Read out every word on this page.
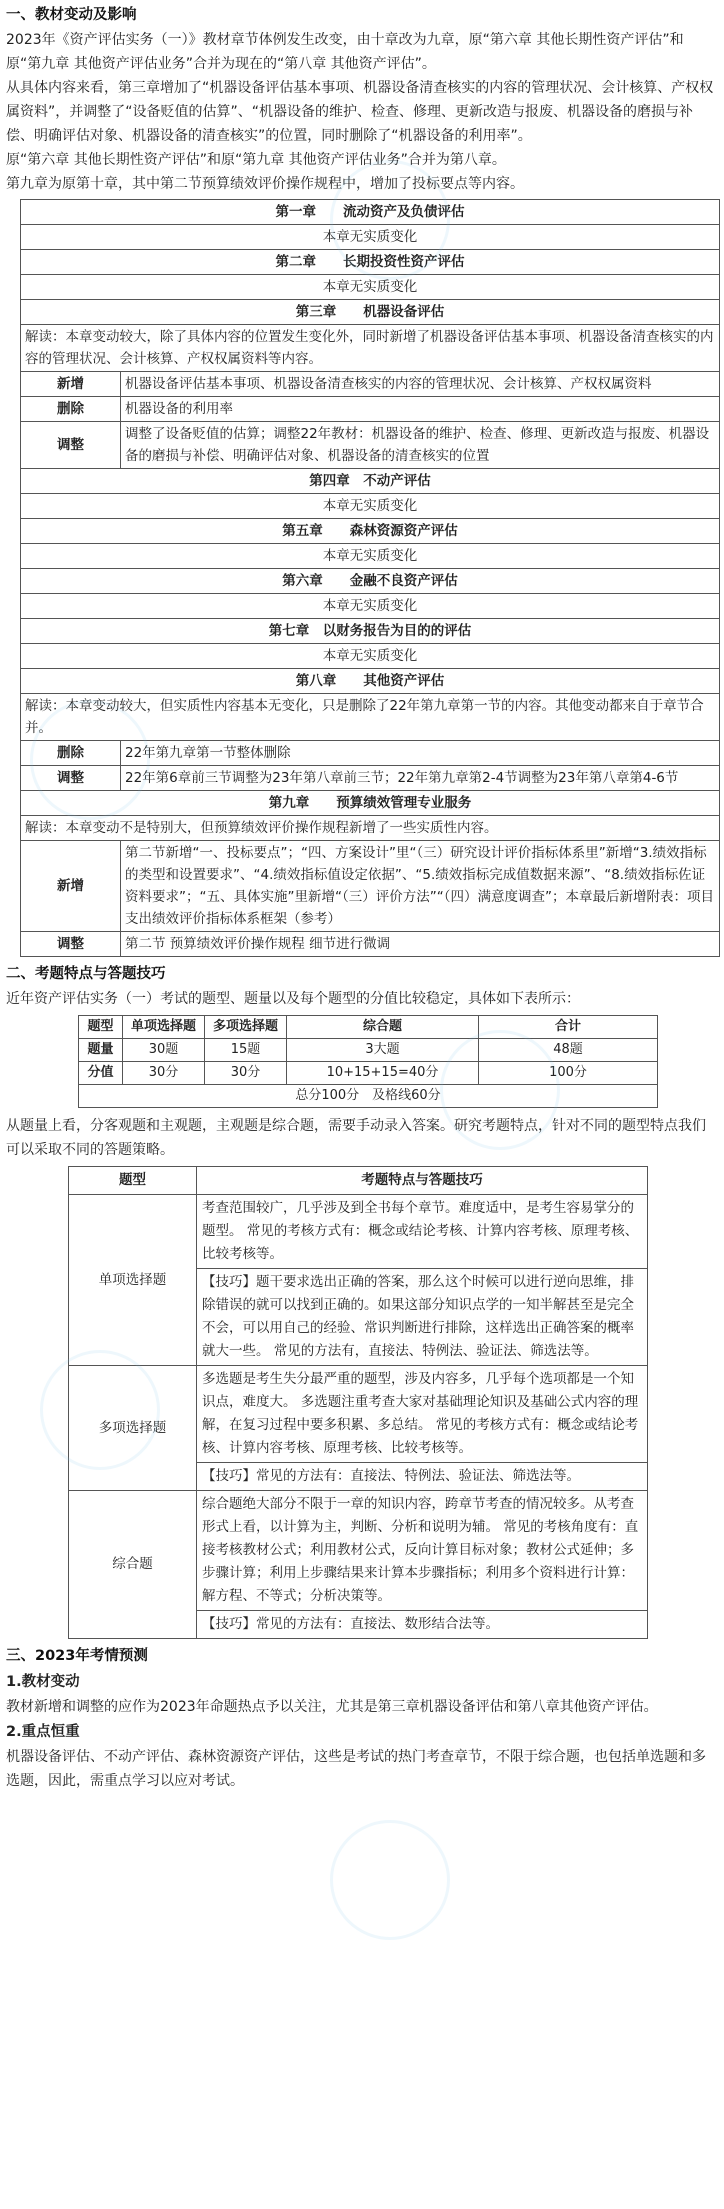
一、教材变动及影响

2023年《资产评估实务（一）》教材章节体例发生改变，由十章改为九章，原“第六章 其他长期性资产评估”和原“第九章 其他资产评估业务”合并为现在的“第八章 其他资产评估”。

从具体内容来看，第三章增加了“机器设备评估基本事项、机器设备清查核实的内容的管理状况、会计核算、产权权属资料”，并调整了“设备贬值的估算”、“机器设备的维护、检查、修理、更新改造与报废、机器设备的磨损与补偿、明确评估对象、机器设备的清查核实”的位置，同时删除了“机器设备的利用率”。

原“第六章 其他长期性资产评估”和原“第九章 其他资产评估业务”合并为第八章。

第九章为原第十章，其中第二节预算绩效评价操作规程中，增加了投标要点等内容。

第一章　　流动资产及负债评估	
本章无实质变化	
第二章　　长期投资性资产评估	
本章无实质变化	
第三章　　机器设备评估	
解读：本章变动较大，除了具体内容的位置发生变化外，同时新增了机器设备评估基本事项、机器设备清查核实的内容的管理状况、会计核算、产权权属资料等内容。	
新增	机器设备评估基本事项、机器设备清查核实的内容的管理状况、会计核算、产权权属资料
删除	机器设备的利用率
调整	调整了设备贬值的估算；调整22年教材：机器设备的维护、检查、修理、更新改造与报废、机器设备的磨损与补偿、明确评估对象、机器设备的清查核实的位置
第四章　不动产评估	
本章无实质变化	
第五章　　森林资源资产评估	
本章无实质变化	
第六章　　金融不良资产评估	
本章无实质变化	
第七章　以财务报告为目的的评估	
本章无实质变化	
第八章　　其他资产评估	
解读：本章变动较大，但实质性内容基本无变化，只是删除了22年第九章第一节的内容。其他变动都来自于章节合并。	
删除	22年第九章第一节整体删除
调整	22年第6章前三节调整为23年第八章前三节；22年第九章第2-4节调整为23年第八章第4-6节
第九章　　预算绩效管理专业服务	
解读：本章变动不是特别大，但预算绩效评价操作规程新增了一些实质性内容。	
新增	第二节新增“一、投标要点”；“四、方案设计”里“（三）研究设计评价指标体系里”新增“3.绩效指标的类型和设置要求”、“4.绩效指标值设定依据”、“5.绩效指标完成值数据来源”、“8.绩效指标佐证资料要求”；“五、具体实施”里新增“（三）评价方法”“（四）满意度调查”；本章最后新增附表：项目支出绩效评价指标体系框架（参考）
调整	第二节 预算绩效评价操作规程 细节进行微调
二、考题特点与答题技巧

近年资产评估实务（一）考试的题型、题量以及每个题型的分值比较稳定，具体如下表所示：

题型	单项选择题	多项选择题	综合题	合计
题量	30题	15题	3大题	48题
分值	30分	30分	10+15+15=40分	100分
总分100分　及格线60分				

从题量上看，分客观题和主观题，主观题是综合题，需要手动录入答案。研究考题特点，针对不同的题型特点我们可以采取不同的答题策略。

题型	考题特点与答题技巧
单项选择题	考查范围较广，几乎涉及到全书每个章节。难度适中，是考生容易掌分的题型。 常见的考核方式有：概念或结论考核、计算内容考核、原理考核、比较考核等。
	【技巧】题干要求选出正确的答案，那么这个时候可以进行逆向思维，排除错误的就可以找到正确的。如果这部分知识点学的一知半解甚至是完全不会，可以用自己的经验、常识判断进行排除，这样选出正确答案的概率就大一些。 常见的方法有，直接法、特例法、验证法、筛选法等。
多项选择题	多选题是考生失分最严重的题型，涉及内容多，几乎每个选项都是一个知识点，难度大。 多选题注重考查大家对基础理论知识及基础公式内容的理解，在复习过程中要多积累、多总结。 常见的考核方式有：概念或结论考核、计算内容考核、原理考核、比较考核等。
	【技巧】常见的方法有：直接法、特例法、验证法、筛选法等。
综合题	综合题绝大部分不限于一章的知识内容，跨章节考查的情况较多。从考查形式上看，以计算为主，判断、分析和说明为辅。 常见的考核角度有：直接考核教材公式；利用教材公式，反向计算目标对象；教材公式延伸；多步骤计算；利用上步骤结果来计算本步骤指标；利用多个资料进行计算：解方程、不等式；分析决策等。
	【技巧】常见的方法有：直接法、数形结合法等。
三、2023年考情预测

1.教材变动

教材新增和调整的应作为2023年命题热点予以关注，尤其是第三章机器设备评估和第八章其他资产评估。

2.重点恒重

机器设备评估、不动产评估、森林资源资产评估，这些是考试的热门考查章节，不限于综合题，也包括单选题和多选题，因此，需重点学习以应对考试。
